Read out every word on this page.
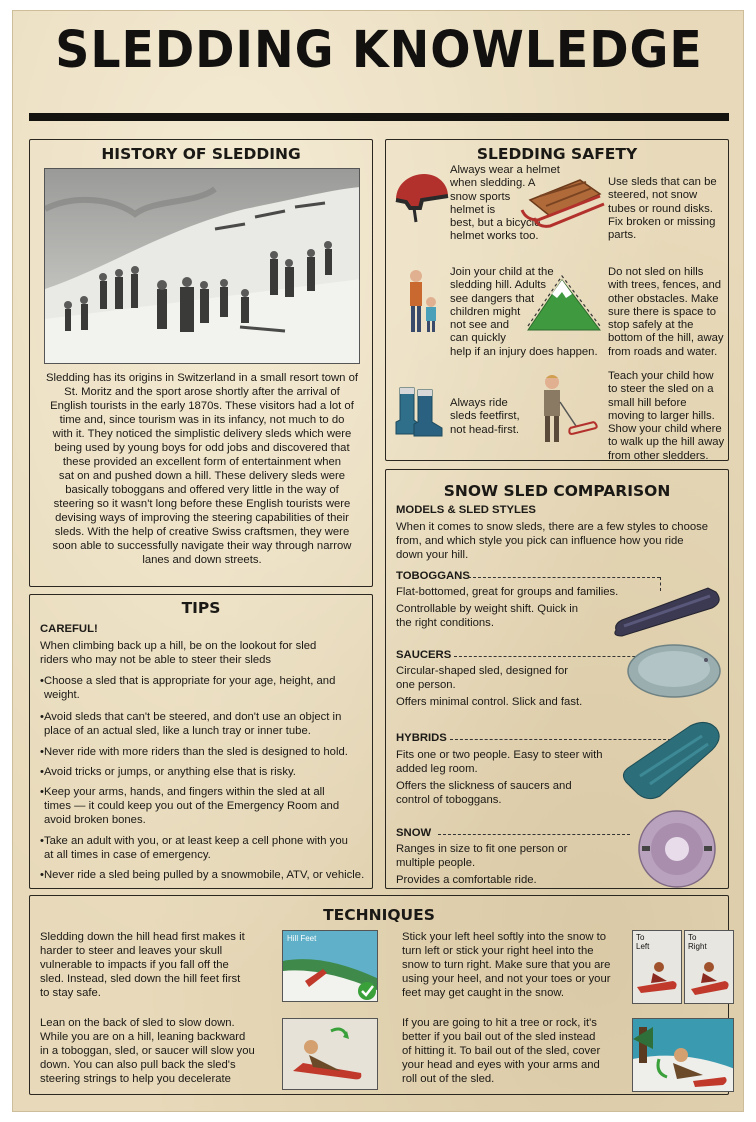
SLEDDING KNOWLEDGE
HISTORY OF SLEDDING
Sledding has its origins in Switzerland in a small resort town of
St. Moritz and the sport arose shortly after the arrival of
English tourists in the early 1870s. These visitors had a lot of
time and, since tourism was in its infancy, not much to do
with it. They noticed the simplistic delivery sleds which were
being used by young boys for odd jobs and discovered that
these provided an excellent form of entertainment when
sat on and pushed down a hill. These delivery sleds were
basically toboggans and offered very little in the way of
steering so it wasn't long before these English tourists were
devising ways of improving the steering capabilities of their
sleds. With the help of creative Swiss craftsmen, they were
soon able to successfully navigate their way through narrow
lanes and down streets.
SLEDDING SAFETY
Always wear a helmet
when sledding. A
snow sports
helmet is
best, but a bicycle
helmet works too.
Use sleds that can be
steered, not snow
tubes or round disks.
Fix broken or missing
parts.
Join your child at the
sledding hill. Adults
see dangers that
children might
not see and
can quickly
help if an injury does happen.
Do not sled on hills
with trees, fences, and
other obstacles. Make
sure there is space to
stop safely at the
bottom of the hill, away
from roads and water.
Always ride
sleds feetfirst,
not head-first.
Teach your child how
to steer the sled on a
small hill before
moving to larger hills.
Show your child where
to walk up the hill away
from other sledders.
SNOW SLED COMPARISON
MODELS & SLED STYLES
When it comes to snow sleds, there are a few styles to choose
from, and which style you pick can influence how you ride
down your hill.
TOBOGGANS
Flat-bottomed, great for groups and families.
Controllable by weight shift. Quick in
the right conditions.
SAUCERS
Circular-shaped sled, designed for
one person.
Offers minimal control. Slick and fast.
HYBRIDS
Fits one or two people. Easy to steer with
added leg room.
Offers the slickness of saucers and
control of toboggans.
SNOW
Ranges in size to fit one person or
multiple people.
Provides a comfortable ride.
TIPS
CAREFUL!
When climbing back up a hill, be on the lookout for sled
riders who may not be able to steer their sleds
•Choose a sled that is appropriate for your age, height, and
weight.
•Avoid sleds that can't be steered, and don't use an object in
place of an actual sled, like a lunch tray or inner tube.
•Never ride with more riders than the sled is designed to hold.
•Avoid tricks or jumps, or anything else that is risky.
•Keep your arms, hands, and fingers within the sled at all
times — it could keep you out of the Emergency Room and
avoid broken bones.
•Take an adult with you, or at least keep a cell phone with you
at all times in case of emergency.
•Never ride a sled being pulled by a snowmobile, ATV, or vehicle.
TECHNIQUES
Sledding down the hill head first makes it
harder to steer and leaves your skull
vulnerable to impacts if you fall off the
sled. Instead, sled down the hill feet first
to stay safe.
Hill Feet
Lean on the back of sled to slow down.
While you are on a hill, leaning backward
in a toboggan, sled, or saucer will slow you
down. You can also pull back the sled's
steering strings to help you decelerate
Stick your left heel softly into the snow to
turn left or stick your right heel into the
snow to turn right. Make sure that you are
using your heel, and not your toes or your
feet may get caught in the snow.
To
Left
To
Right
If you are going to hit a tree or rock, it's
better if you bail out of the sled instead
of hitting it. To bail out of the sled, cover
your head and eyes with your arms and
roll out of the sled.
